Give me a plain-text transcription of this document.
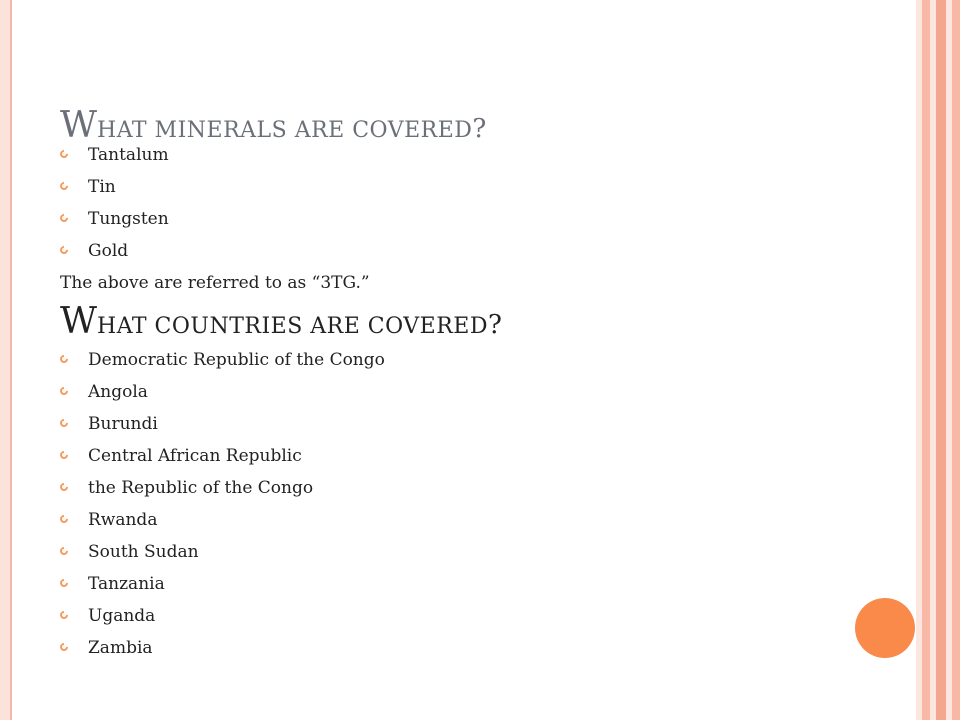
WHAT MINERALS ARE COVERED?
Tantalum
Tin
Tungsten
Gold

The above are referred to as “3TG.”

WHAT COUNTRIES ARE COVERED?
Democratic Republic of the Congo
Angola
Burundi
Central African Republic
the Republic of the Congo
Rwanda
South Sudan
Tanzania
Uganda
Zambia
